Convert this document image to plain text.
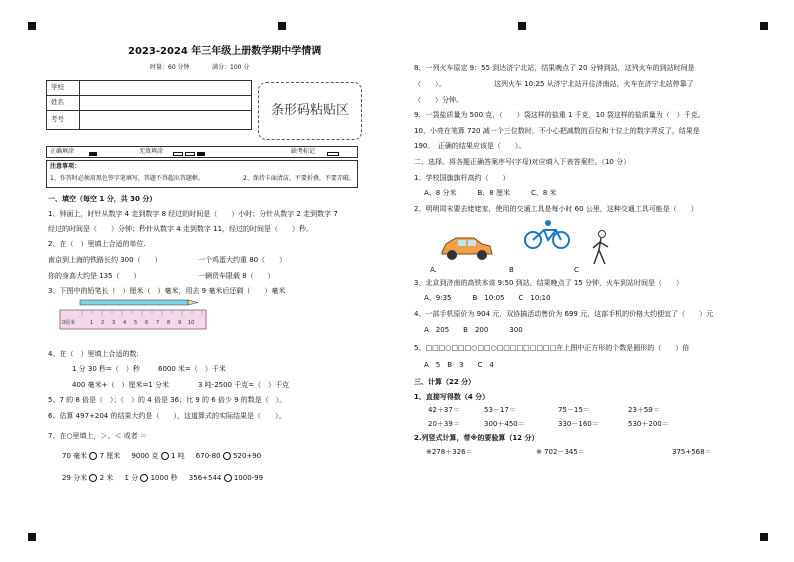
2023-2024 年三年级上册数学期中学情调
时量：60 分钟	满分：100 分
学校	
姓名	
考号	
条形码粘贴区
正确填涂	无效填涂
	缺考标记
注意事项：
1、作答时必须用黑色签字笔填写，答题不得超出答题框。	2、保持卡面清洁，不要折叠，不要弄破。
一、填空（每空 1 分，共 30 分）
1、钟面上，时针从数字 4 走到数字 8 经过的时间是（　　）小时；分针从数字 2 走到数字 7
经过的时间是（　　）分钟；秒针从数字 4 走到数字 11，经过的时间是（　　）秒。
2、在（　）里填上合适的单位.
南京到上海的铁路长约 300（　　）	一个鸡蛋大约重 80（　　）
你的身高大约是 135（　　）	一辆货车限载 8（　　）
3、下图中的铅笔长（　）厘米（　）毫米，用去 9 毫米后还剩（　　）毫米
0厘米	1 2 3 4 5 6 7 8 9 10
4、在（　）里填上合适的数:
1 分 30 秒=（　）秒	6000 米=（　）千米
400 毫米+（　）厘米=1 分米	3 吨-2500 千克=（　）千克
5、7 的 8 倍是（　）；（　）的 4 倍是 36；比 9 的 6 倍少 9 的数是（　）。
6、估算 497+204 的结果大约是（　　），这道算式的实际结果是（　　）。
7、在○里填上，＞、＜ 或者 ＝
70 毫米 7 厘米 9000 克 1 吨 670-80 520+90
29 分米 2 米 1 分 1000 秒 356+544 1000-99
8、一列火车原定 9：55 到达济宁北站，结果晚点了 20 分钟到站，这列火车的到站时间是
（　　）。	这列火车 10:25 从济宁北站开往济南站，火车在济宁北站停靠了
（　　）分钟。
9、一袋盐质量为 500 克，（　　）袋这样的盐重 1 千克，10 袋这样的盐质量为（　）千克。
10、小亮在笔算 720 减一个三位数时，不小心把减数的百位和十位上的数字弄反了，结果是
190。　正确的结果应该是（　　）。
二、选择。将各题正确答案序号(字母)对应填入下表答案栏。（10 分）
1、学校国旗旗杆高约（　　）
A、8 分米　　　B、8 厘米　　　C、8 米
2、明明周末要去姥姥家，使用的交通工具是每小时 60 公里，这种交通工具可能是（　　）
A.	B	C
3、北京到济南的高铁本该 9:50 到站，结果晚点了 15 分钟，火车到站时间是（　　）
A、9:35　　　B　10:05　　C　10:10
4、一部手机原价为 904 元，双协搞活动售价为 699 元，这部手机的价格大约便宜了（　　）元
A　205　　B　200　　　300
5、□□□○□□□○□□○□□□□□□□□□在上图中正方形的个数是圆形的（　　）倍
A　5　B　3　　C　4
三、计算（22 分）
1、直接写得数（4 分）
42＋37＝	53－17＝	75－15＝	23＋59＝
20＋39＝	300＋450＝	330－160＝	530＋200＝
2.列竖式计算，带※的要验算（12 分）
※278＋326＝	※ 702－345＝	375+568＝
